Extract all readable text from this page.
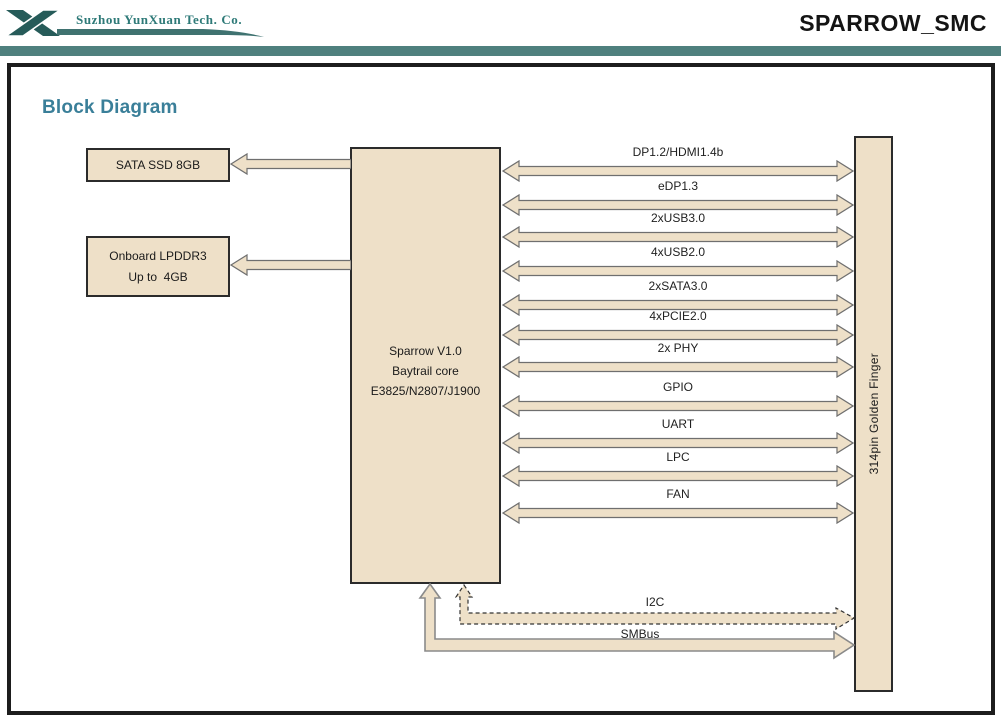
Suzhou YunXuan Tech. Co.	SPARROW_SMC
Block Diagram
SATA SSD 8GB
Onboard LPDDR3
Up to  4GB
Sparrow V1.0
Baytrail core
E3825/N2807/J1900	314pin Golden Finger
DP1.2/HDMI1.4b
eDP1.3
2xUSB3.0
4xUSB2.0
2xSATA3.0
4xPCIE2.0
2x PHY
GPIO
UART
LPC
FAN
I2C
SMBus
